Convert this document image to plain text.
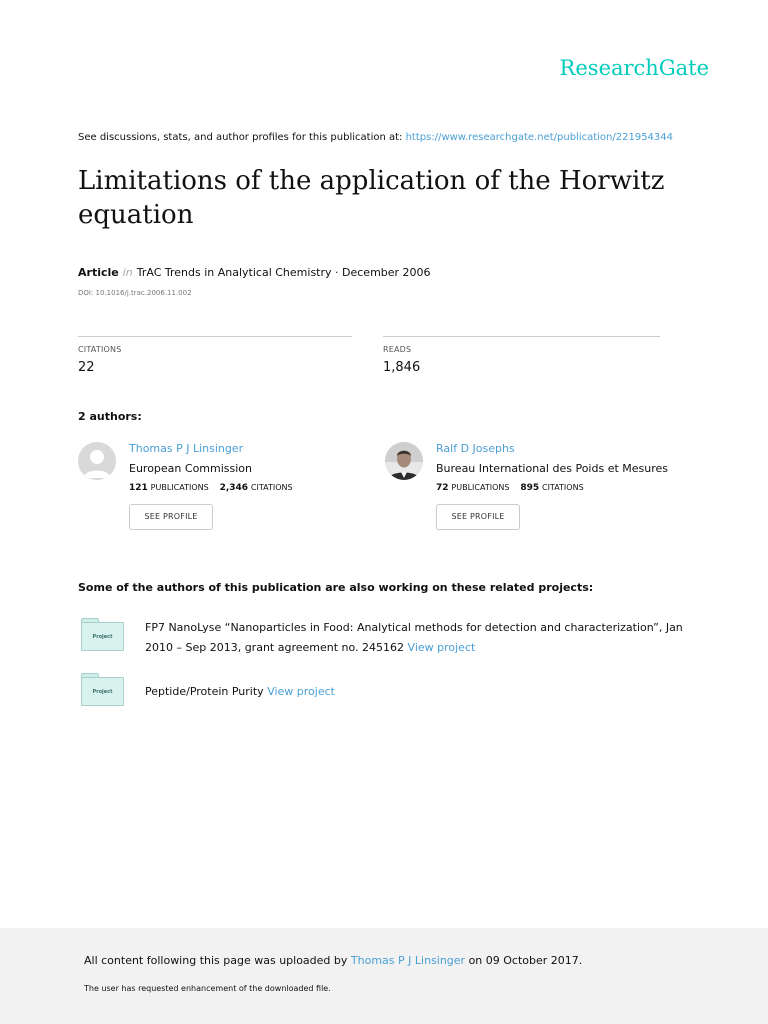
ResearchGate
See discussions, stats, and author profiles for this publication at: https://www.researchgate.net/publication/221954344
Limitations of the application of the Horwitz equation
Article in TrAC Trends in Analytical Chemistry · December 2006
DOI: 10.1016/j.trac.2006.11.002
CITATIONS
22
READS
1,846
2 authors:
Thomas P J Linsinger
European Commission
121 PUBLICATIONS 2,346 CITATIONS
SEE PROFILE
Ralf D Josephs
Bureau International des Poids et Mesures
72 PUBLICATIONS 895 CITATIONS
SEE PROFILE
Some of the authors of this publication are also working on these related projects:
Project
FP7 NanoLyse “Nanoparticles in Food: Analytical methods for detection and characterization”, Jan 2010 – Sep 2013, grant agreement no. 245162 View project
Project	Peptide/Protein Purity View project
All content following this page was uploaded by Thomas P J Linsinger on 09 October 2017.
The user has requested enhancement of the downloaded file.
